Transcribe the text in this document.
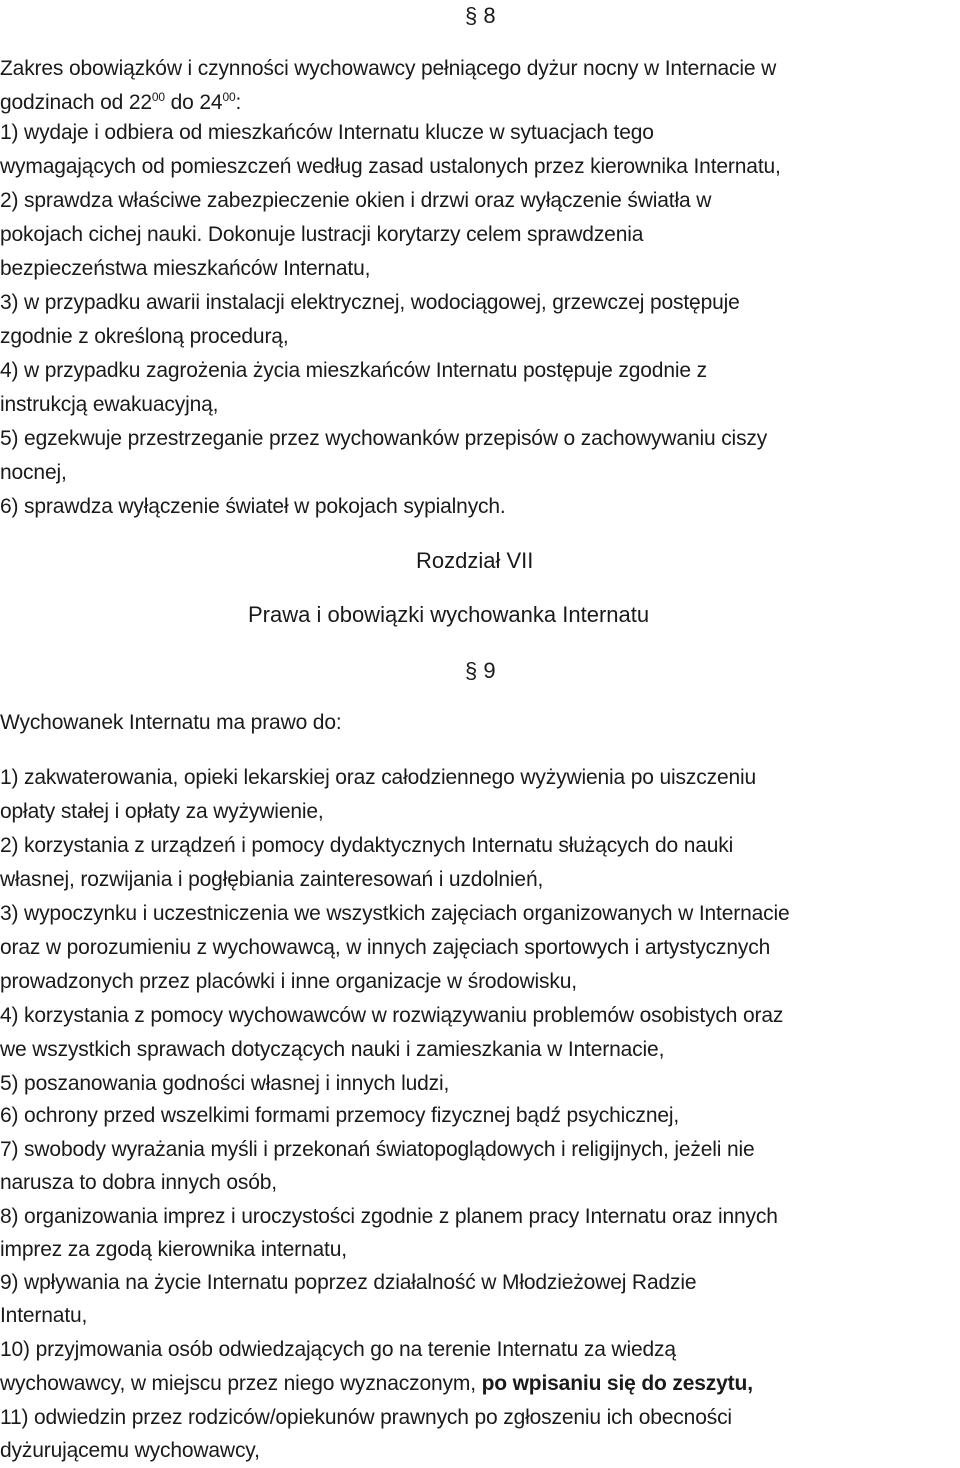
§ 8
Zakres obowiązków i czynności wychowawcy pełniącego dyżur nocny w Internacie w
godzinach od $22^{00}$ do $24^{00}$:
1) wydaje i odbiera od mieszkańców Internatu klucze w sytuacjach tego
wymagających od pomieszczeń według zasad ustalonych przez kierownika Internatu,
2) sprawdza właściwe zabezpieczenie okien i drzwi oraz wyłączenie światła w
pokojach cichej nauki. Dokonuje lustracji korytarzy celem sprawdzenia
bezpieczeństwa mieszkańców Internatu,
3) w przypadku awarii instalacji elektrycznej, wodociągowej, grzewczej postępuje
zgodnie z określoną procedurą,
4) w przypadku zagrożenia życia mieszkańców Internatu postępuje zgodnie z
instrukcją ewakuacyjną,
5) egzekwuje przestrzeganie przez wychowanków przepisów o zachowywaniu ciszy
nocnej,
6) sprawdza wyłączenie świateł w pokojach sypialnych.
Rozdział VII
Prawa i obowiązki wychowanka Internatu
§ 9
Wychowanek Internatu ma prawo do:
1) zakwaterowania, opieki lekarskiej oraz całodziennego wyżywienia po uiszczeniu
opłaty stałej i opłaty za wyżywienie,
2) korzystania z urządzeń i pomocy dydaktycznych Internatu służących do nauki
własnej, rozwijania i pogłębiania zainteresowań i uzdolnień,
3) wypoczynku i uczestniczenia we wszystkich zajęciach organizowanych w Internacie
oraz w porozumieniu z wychowawcą, w innych zajęciach sportowych i artystycznych
prowadzonych przez placówki i inne organizacje w środowisku,
4) korzystania z pomocy wychowawców w rozwiązywaniu problemów osobistych oraz
we wszystkich sprawach dotyczących nauki i zamieszkania w Internacie,
5) poszanowania godności własnej i innych ludzi,
6) ochrony przed wszelkimi formami przemocy fizycznej bądź psychicznej,
7) swobody wyrażania myśli i przekonań światopoglądowych i religijnych, jeżeli nie
narusza to dobra innych osób,
8) organizowania imprez i uroczystości zgodnie z planem pracy Internatu oraz innych
imprez za zgodą kierownika internatu,
9) wpływania na życie Internatu poprzez działalność w Młodzieżowej Radzie
Internatu,
10) przyjmowania osób odwiedzających go na terenie Internatu za wiedzą
wychowawcy, w miejscu przez niego wyznaczonym, po wpisaniu się do zeszytu,
11) odwiedzin przez rodziców/opiekunów prawnych po zgłoszeniu ich obecności
dyżurującemu wychowawcy,
